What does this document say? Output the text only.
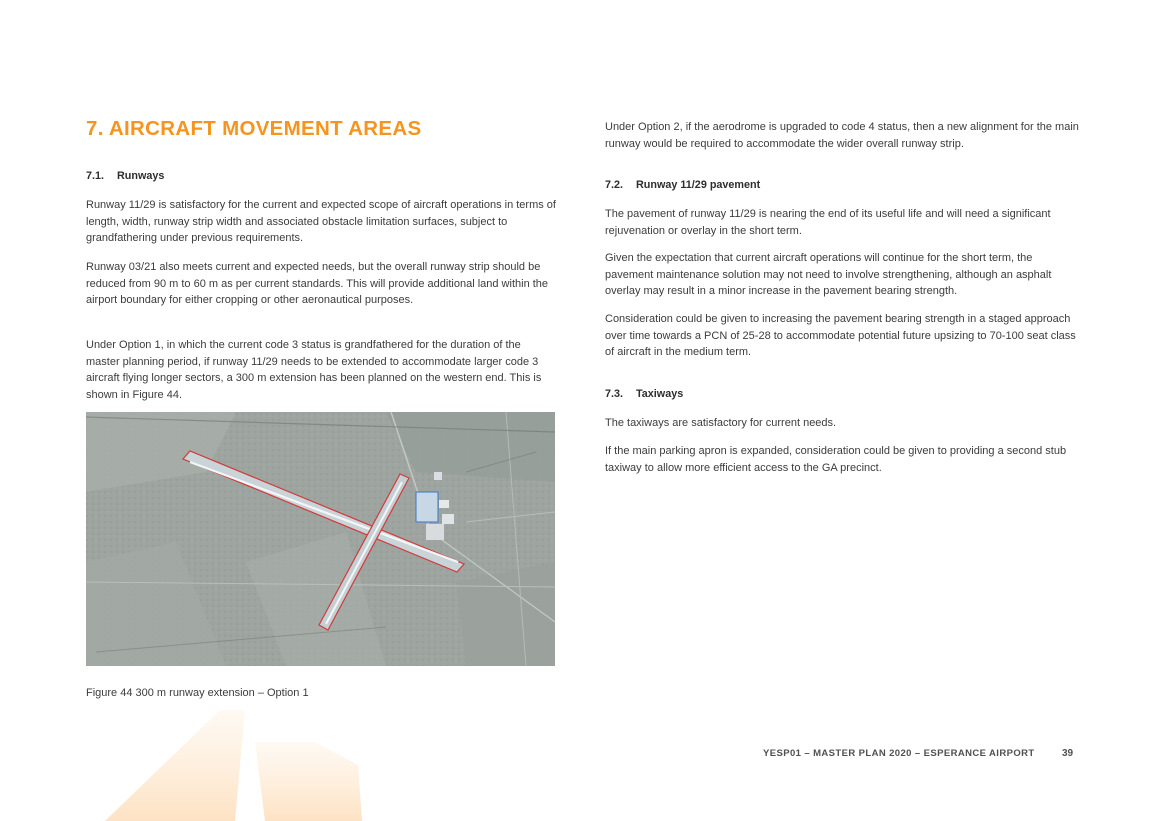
7. AIRCRAFT MOVEMENT AREAS
7.1. Runways

Runway 11/29 is satisfactory for the current and expected scope of aircraft operations in terms of length, width, runway strip width and associated obstacle limitation surfaces, subject to grandfathering under previous requirements.

Runway 03/21 also meets current and expected needs, but the overall runway strip should be reduced from 90 m to 60 m as per current standards. This will provide additional land within the airport boundary for either cropping or other aeronautical purposes.

Under Option 1, in which the current code 3 status is grandfathered for the duration of the master planning period, if runway 11/29 needs to be extended to accommodate larger code 3 aircraft flying longer sectors, a 300 m extension has been planned on the western end. This is shown in Figure 44.

Figure 44 300 m runway extension – Option 1

Under Option 2, if the aerodrome is upgraded to code 4 status, then a new alignment for the main runway would be required to accommodate the wider overall runway strip.

7.2. Runway 11/29 pavement

The pavement of runway 11/29 is nearing the end of its useful life and will need a significant rejuvenation or overlay in the short term.

Given the expectation that current aircraft operations will continue for the short term, the pavement maintenance solution may not need to involve strengthening, although an asphalt overlay may result in a minor increase in the pavement bearing strength.

Consideration could be given to increasing the pavement bearing strength in a staged approach over time towards a PCN of 25-28 to accommodate potential future upsizing to 70-100 seat class of aircraft in the medium term.

7.3. Taxiways

The taxiways are satisfactory for current needs.

If the main parking apron is expanded, consideration could be given to providing a second stub taxiway to allow more efficient access to the GA precinct.

YESP01 – MASTER PLAN 2020 – ESPERANCE AIRPORT	39
